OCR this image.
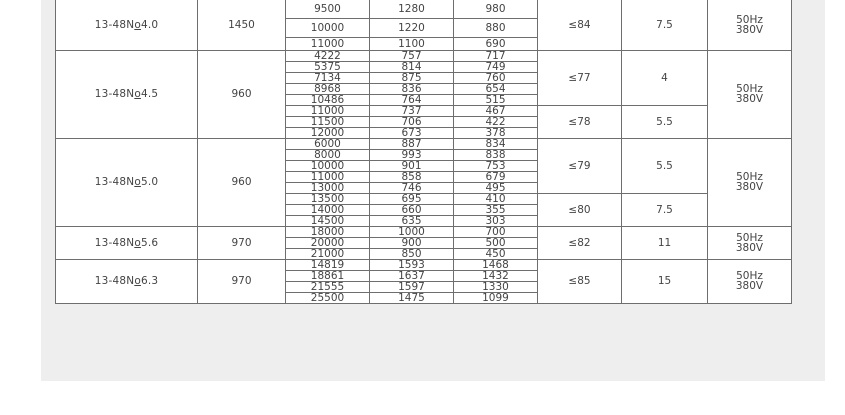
13-48No4.0	1450	9500	1280	980	≤84	7.5	50Hz
380V

		10000	1220	880			
		11000	1100	690			
13-48No4.5	960	4222	757	717	≤77	4	50Hz
380V

		5375	814	749			
		7134	875	760			
		8968	836	654			
		10486	764	515			
		11000	737	467	≤78	5.5	
		11500	706	422			
		12000	673	378			
13-48No5.0	960	6000	887	834	≤79	5.5	50Hz
380V

		8000	993	838			
		10000	901	753			
		11000	858	679			
		13000	746	495			
		13500	695	410	≤80	7.5	
		14000	660	355			
		14500	635	303			
13-48No5.6	970	18000	1000	700	≤82	11	50Hz
380V

		20000	900	500			
		21000	850	450			
13-48No6.3	970	14819	1593	1468	≤85	15	50Hz
380V

		18861	1637	1432			
		21555	1597	1330			
		25500	1475	1099			
